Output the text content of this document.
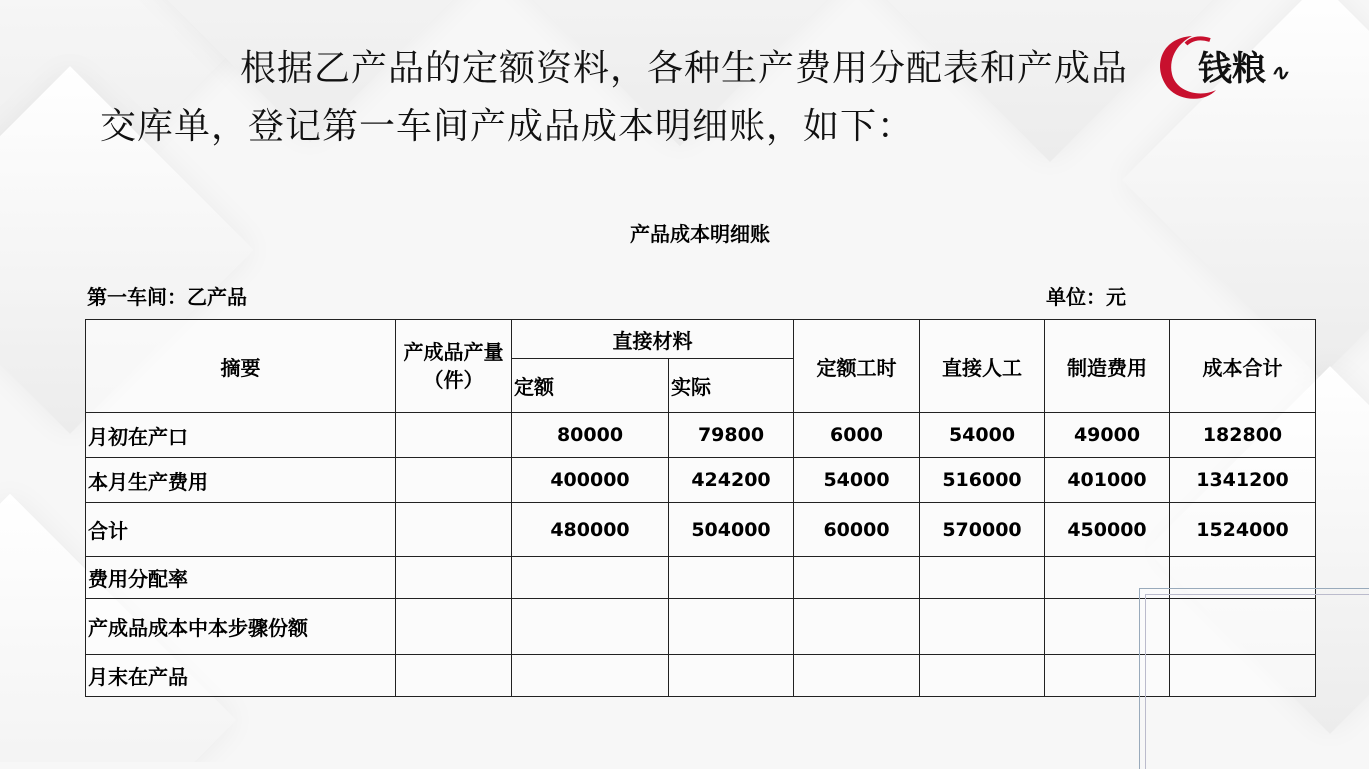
根据乙产品的定额资料，各种生产费用分配表和产成品
交库单，登记第一车间产成品成本明细账，如下：
钱粮 ∿
产品成本明细账
第一车间：乙产品	单位：元
摘要	产成品产量（件）	直接材料		定额工时	直接人工	制造费用	成本合计
		定额	实际				
月初在产口		80000	79800	6000	54000	49000	182800
本月生产费用		400000	424200	54000	516000	401000	1341200
合计		480000	504000	60000	570000	450000	1524000
费用分配率							
产成品成本中本步骤份额							
月末在产品							
